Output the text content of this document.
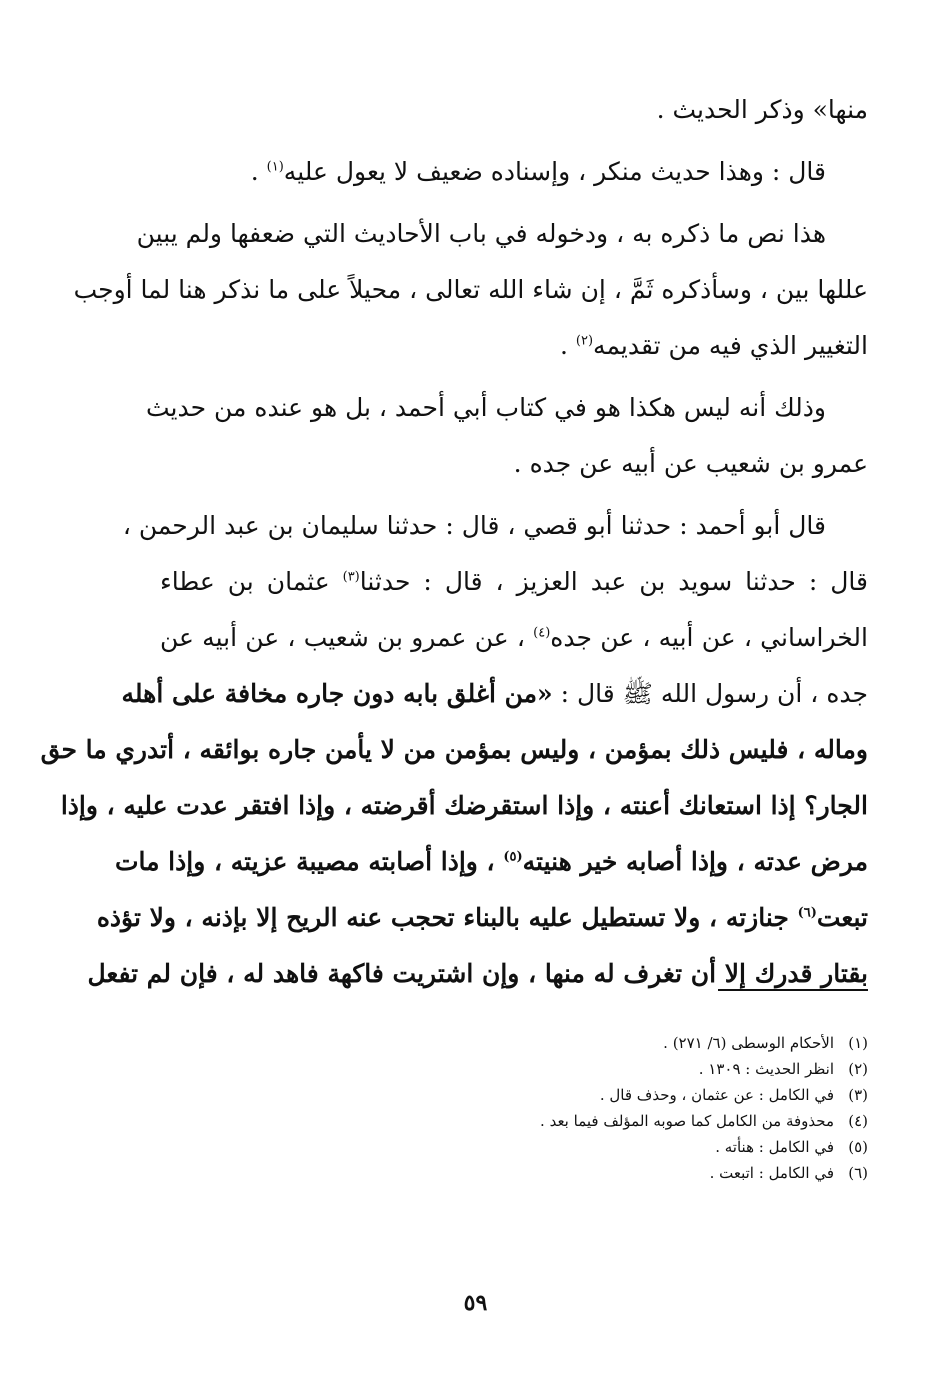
منها» وذكر الحديث .

قال : وهذا حديث منكر ، وإسناده ضعيف لا يعول عليه$^{(١)}$ .

هذا نص ما ذكره به ، ودخوله في باب الأحاديث التي ضعفها ولم يبين
عللها بين ، وسأذكره ثَمَّ ، إن شاء الله تعالى ، محيلاً على ما نذكر هنا لما أوجب
التغيير الذي فيه من تقديمه$^{(٢)}$ .

وذلك أنه ليس هكذا هو في كتاب أبي أحمد ، بل هو عنده من حديث
عمرو بن شعيب عن أبيه عن جده .

قال أبو أحمد : حدثنا أبو قصي ، قال : حدثنا سليمان بن عبد الرحمن ،
قال : حدثنا سويد بن عبد العزيز ، قال : حدثنا$^{(٣)}$ عثمان بن عطاء
الخراساني ، عن أبيه ، عن جده$^{(٤)}$ ، عن عمرو بن شعيب ، عن أبيه عن
جده ، أن رسول الله ﷺ قال : «من أغلق بابه دون جاره مخافة على أهله
وماله ، فليس ذلك بمؤمن ، وليس بمؤمن من لا يأمن جاره بوائقه ، أتدري ما حق
الجار؟ إذا استعانك أعنته ، وإذا استقرضك أقرضته ، وإذا افتقر عدت عليه ، وإذا
مرض عدته ، وإذا أصابه خير هنيته$^{(٥)}$ ، وإذا أصابته مصيبة عزيته ، وإذا مات
تبعت$^{(٦)}$ جنازته ، ولا تستطيل عليه بالبناء تحجب عنه الريح إلا بإذنه ، ولا تؤذه
بقتار قدرك إلا أن تغرف له منها ، وإن اشتريت فاكهة فاهد له ، فإن لم تفعل

(١)الأحكام الوسطى (٦/ ٢٧١) .
(٢)انظر الحديث : ١٣٠٩ .
(٣)في الكامل : عن عثمان ، وحذف قال .
(٤)محذوفة من الكامل كما صوبه المؤلف فيما بعد .
(٥)في الكامل : هنأته .
(٦)في الكامل : اتبعت .
٥٩
